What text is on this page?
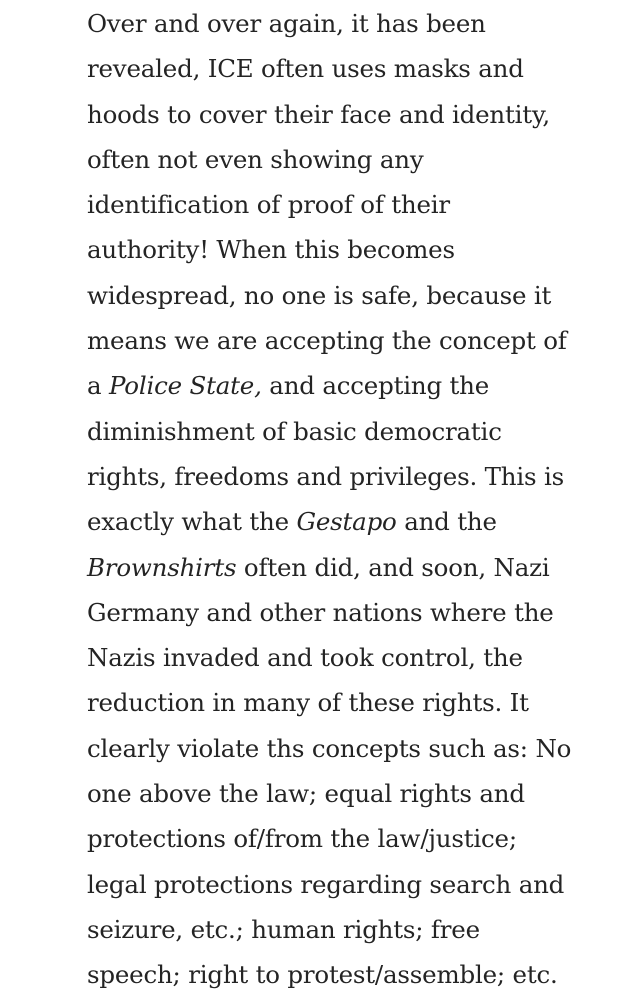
Over and over again, it has been
revealed, ICE often uses masks and
hoods to cover their face and identity,
often not even showing any
identification of proof of their
authority! When this becomes
widespread, no one is safe, because it
means we are accepting the concept of
a Police State, and accepting the
diminishment of basic democratic
rights, freedoms and privileges. This is
exactly what the Gestapo and the
Brownshirts often did, and soon, Nazi
Germany and other nations where the
Nazis invaded and took control, the
reduction in many of these rights. It
clearly violate ths concepts such as: No
one above the law; equal rights and
protections of/from the law/justice;
legal protections regarding search and
seizure, etc.; human rights; free
speech; right to protest/assemble; etc.
